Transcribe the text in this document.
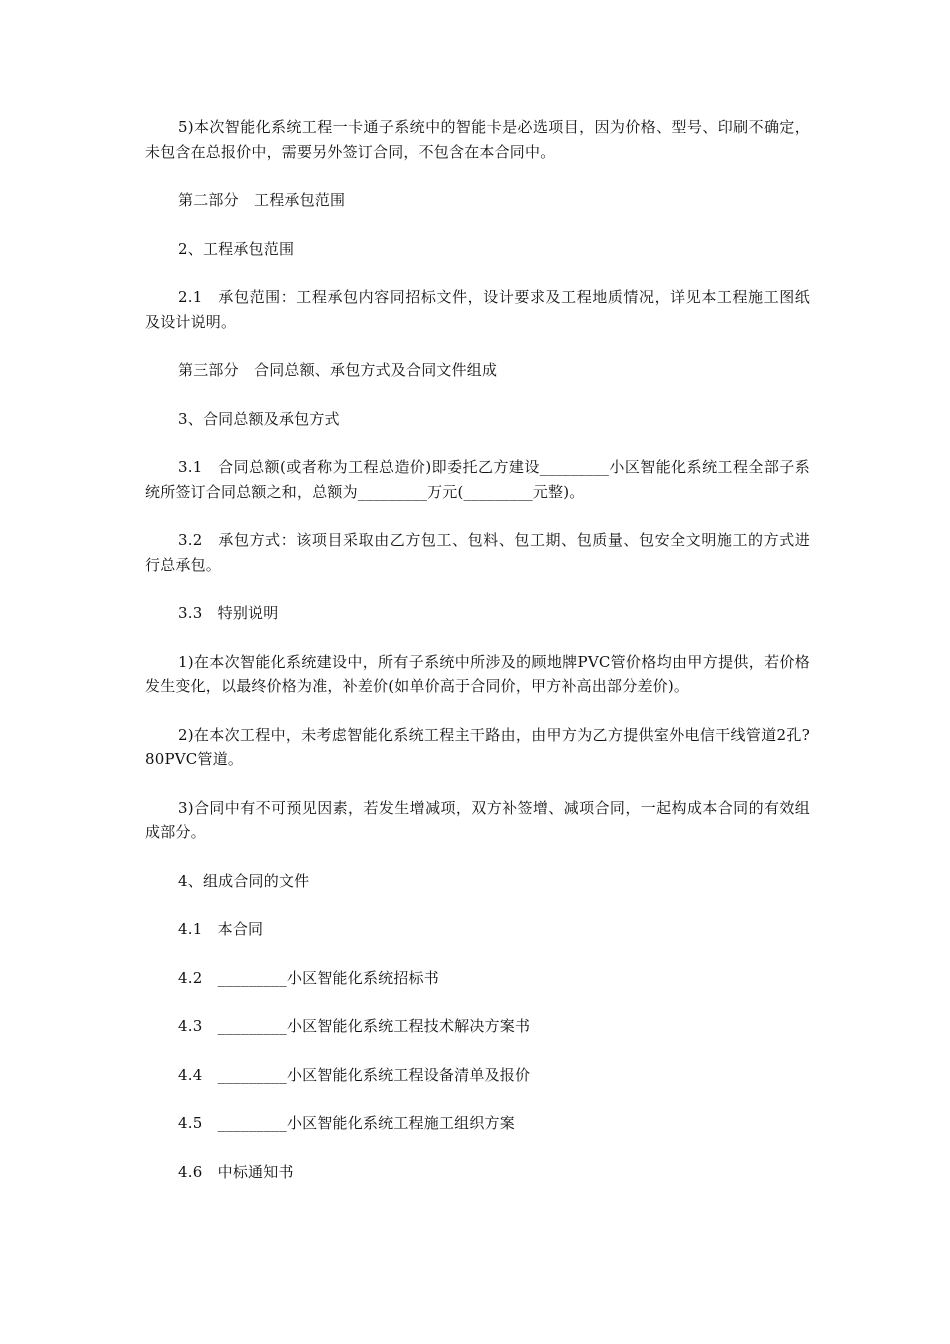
5)本次智能化系统工程一卡通子系统中的智能卡是必选项目，因为价格、型号、印刷不确定，未包含在总报价中，需要另外签订合同，不包含在本合同中。

第二部分　工程承包范围

2、工程承包范围

2.1　承包范围：工程承包内容同招标文件，设计要求及工程地质情况，详见本工程施工图纸及设计说明。

第三部分　合同总额、承包方式及合同文件组成

3、合同总额及承包方式

3.1　合同总额(或者称为工程总造价)即委托乙方建设_________小区智能化系统工程全部子系统所签订合同总额之和，总额为_________万元(_________元整)。

3.2　承包方式：该项目采取由乙方包工、包料、包工期、包质量、包安全文明施工的方式进行总承包。

3.3　特别说明

1)在本次智能化系统建设中，所有子系统中所涉及的顾地牌PVC管价格均由甲方提供，若价格发生变化，以最终价格为准，补差价(如单价高于合同价，甲方补高出部分差价)。

2)在本次工程中，未考虑智能化系统工程主干路由，由甲方为乙方提供室外电信干线管道2孔?80PVC管道。

3)合同中有不可预见因素，若发生增减项，双方补签增、减项合同，一起构成本合同的有效组成部分。

4、组成合同的文件

4.1　本合同

4.2　_________小区智能化系统招标书

4.3　_________小区智能化系统工程技术解决方案书

4.4　_________小区智能化系统工程设备清单及报价

4.5　_________小区智能化系统工程施工组织方案

4.6　中标通知书
